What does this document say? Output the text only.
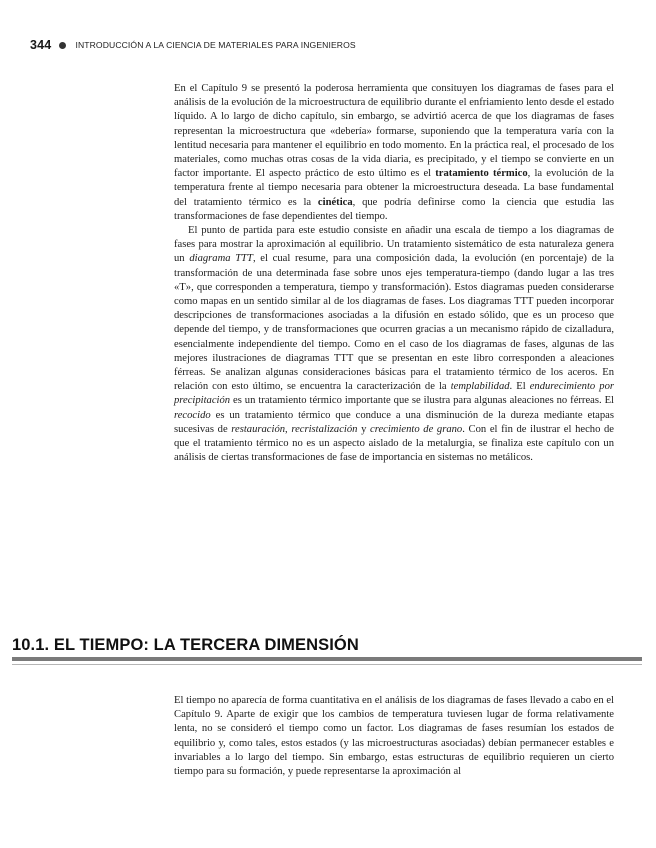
344	INTRODUCCIÓN A LA CIENCIA DE MATERIALES PARA INGENIEROS

En el Capítulo 9 se presentó la poderosa herramienta que consituyen los diagramas de fases para el análisis de la evolución de la microestructura de equilibrio durante el enfriamiento lento desde el estado líquido. A lo largo de dicho capítulo, sin embargo, se advirtió acerca de que los diagramas de fases representan la microestructura que «debería» formarse, suponiendo que la temperatura varía con la lentitud necesaria para mantener el equilibrio en todo momento. En la práctica real, el procesado de los materiales, como muchas otras cosas de la vida diaria, es precipitado, y el tiempo se convierte en un factor importante. El aspecto práctico de esto último es el tratamiento térmico, la evolución de la temperatura frente al tiempo necesaria para obtener la microestructura deseada. La base fundamental del tratamiento térmico es la cinética, que podría definirse como la ciencia que estudia las transformaciones de fase dependientes del tiempo.

El punto de partida para este estudio consiste en añadir una escala de tiempo a los diagramas de fases para mostrar la aproximación al equilibrio. Un tratamiento sistemático de esta naturaleza genera un diagrama TTT, el cual resume, para una composición dada, la evolución (en porcentaje) de la transformación de una determinada fase sobre unos ejes temperatura-tiempo (dando lugar a las tres «T», que corresponden a temperatura, tiempo y transformación). Estos diagramas pueden considerarse como mapas en un sentido similar al de los diagramas de fases. Los diagramas TTT pueden incorporar descripciones de transformaciones asociadas a la difusión en estado sólido, que es un proceso que depende del tiempo, y de transformaciones que ocurren gracias a un mecanismo rápido de cizalladura, esencialmente independiente del tiempo. Como en el caso de los diagramas de fases, algunas de las mejores ilustraciones de diagramas TTT que se presentan en este libro corresponden a aleaciones férreas. Se analizan algunas consideraciones básicas para el tratamiento térmico de los aceros. En relación con esto último, se encuentra la caracterización de la templabilidad. El endurecimiento por precipitación es un tratamiento térmico importante que se ilustra para algunas aleaciones no férreas. El recocido es un tratamiento térmico que conduce a una disminución de la dureza mediante etapas sucesivas de restauración, recristalización y crecimiento de grano. Con el fin de ilustrar el hecho de que el tratamiento térmico no es un aspecto aislado de la metalurgia, se finaliza este capítulo con un análisis de ciertas transformaciones de fase de importancia en sistemas no metálicos.

10.1. EL TIEMPO: LA TERCERA DIMENSIÓN

El tiempo no aparecía de forma cuantitativa en el análisis de los diagramas de fases llevado a cabo en el Capítulo 9. Aparte de exigir que los cambios de temperatura tuviesen lugar de forma relativamente lenta, no se consideró el tiempo como un factor. Los diagramas de fases resumían los estados de equilibrio y, como tales, estos estados (y las microestructuras asociadas) debían permanecer estables e invariables a lo largo del tiempo. Sin embargo, estas estructuras de equilibrio requieren un cierto tiempo para su formación, y puede representarse la aproximación al
